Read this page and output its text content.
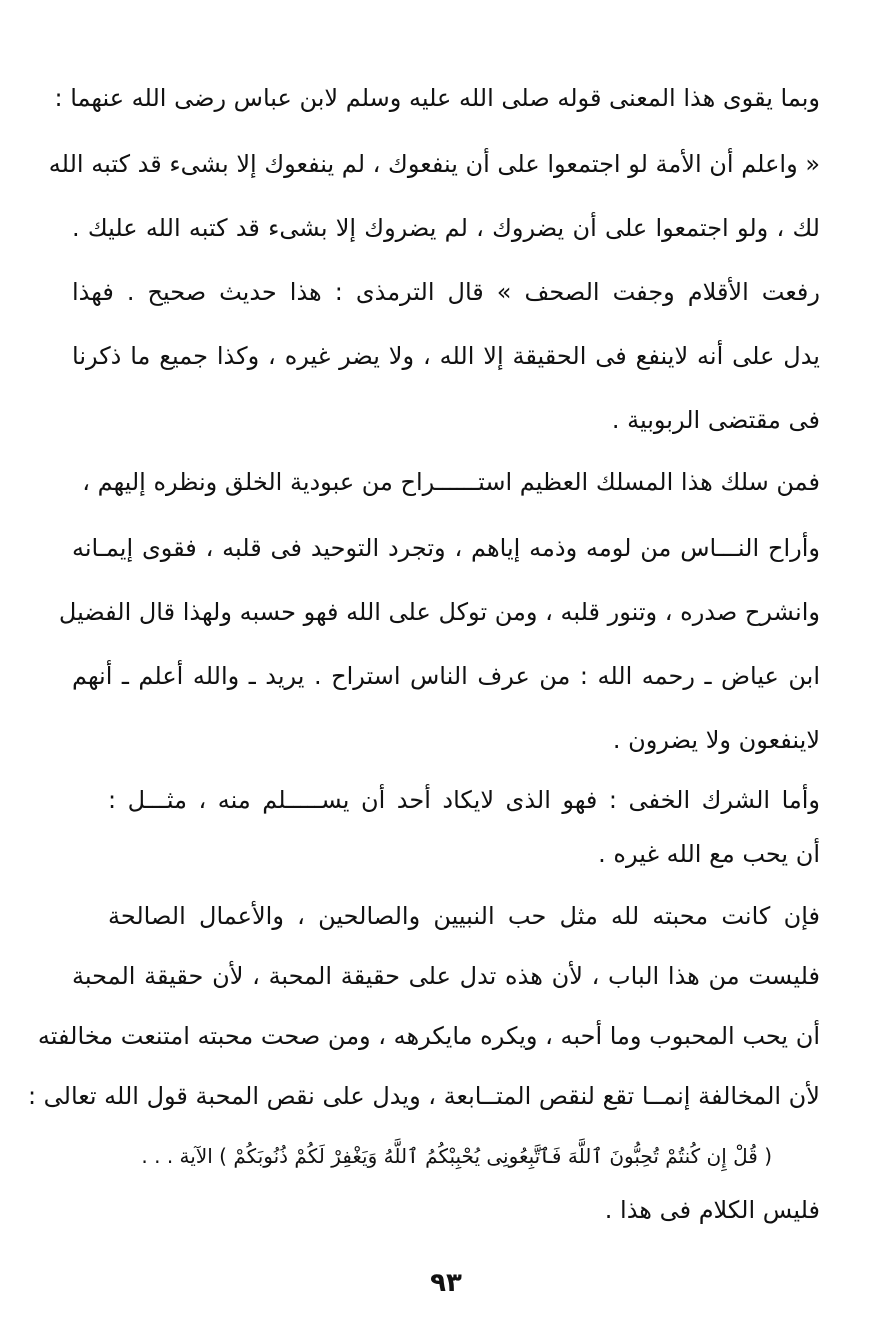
وبما يقوى هذا المعنى قوله صلى الله عليه وسلم لابن عباس رضى الله عنهما :
« واعلم أن الأمة لو اجتمعوا على أن ينفعوك ، لم ينفعوك إلا بشىء قد كتبه الله
لك ، ولو اجتمعوا على أن يضروك ، لم يضروك إلا بشىء قد كتبه الله عليك .
رفعت الأقلام وجفت الصحف » قال الترمذى : هذا حديث صحيح . فهذا
يدل على أنه لاينفع فى الحقيقة إلا الله ، ولا يضر غيره ، وكذا جميع ما ذكرنا
فى مقتضى الربوبية .
فمن سلك هذا المسلك العظيم استــــــراح من عبودية الخلق ونظره إليهم ،
وأراح النـــاس من لومه وذمه إياهم ، وتجرد التوحيد فى قلبه ، فقوى إيمـانه
وانشرح صدره ، وتنور قلبه ، ومن توكل على الله فهو حسبه ولهذا قال الفضيل
ابن عياض ـ رحمه الله : من عرف الناس استراح . يريد ـ والله أعلم ـ أنهم
لاينفعون ولا يضرون .
وأما الشرك الخفى : فهو الذى لايكاد أحد أن يســـــلم منه ، مثـــل :
أن يحب مع الله غيره .
فإن كانت محبته لله مثل حب النبيين والصالحين ، والأعمال الصالحة
فليست من هذا الباب ، لأن هذه تدل على حقيقة المحبة ، لأن حقيقة المحبة
أن يحب المحبوب وما أحبه ، ويكره مايكرهه ، ومن صحت محبته امتنعت مخالفته
لأن المخالفة إنمــا تقع لنقص المتــابعة ، ويدل على نقص المحبة قول الله تعالى :
( قُلْ إِن كُنتُمْ تُحِبُّونَ ٱللَّهَ فَٱتَّبِعُونِى يُحْبِبْكُمُ ٱللَّهُ وَيَغْفِرْ لَكُمْ ذُنُوبَكُمْ ) الآية . . .
فليس الكلام فى هذا .
٩٣
